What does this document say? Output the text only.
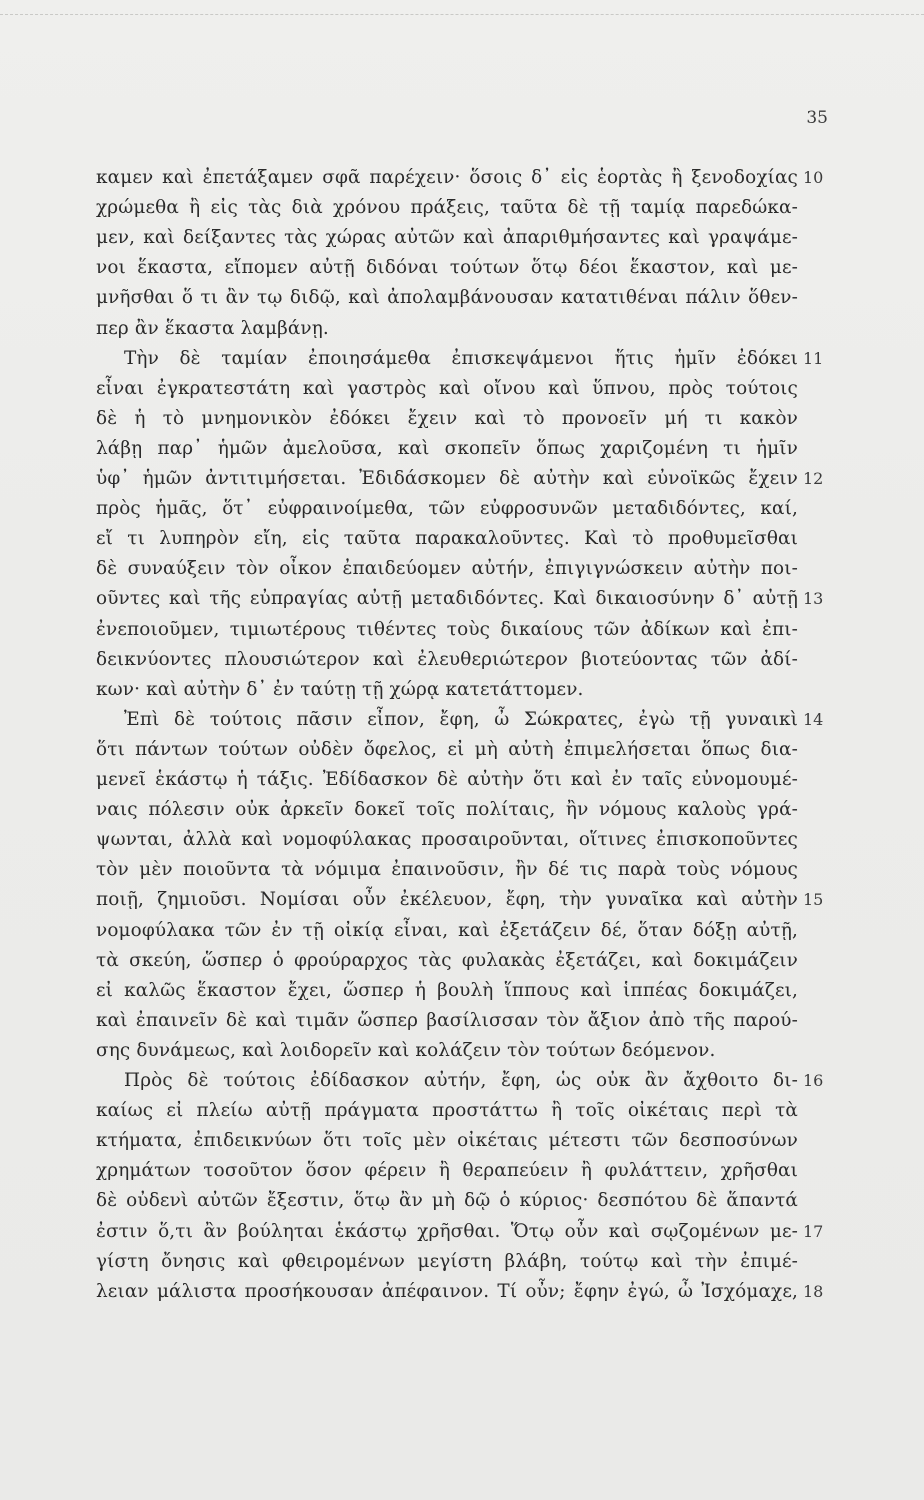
35
καμεν καὶ ἐπετάξαμεν σφᾶ παρέχειν· ὅσοις δ᾽ εἰς ἑορτὰς ἢ ξενοδοχίας
χρώμεθα ἢ εἰς τὰς διὰ χρόνου πράξεις, ταῦτα δὲ τῇ ταμίᾳ παρεδώκα-
μεν, καὶ δείξαντες τὰς χώρας αὐτῶν καὶ ἀπαριθμήσαντες καὶ γραψάμε-
νοι ἕκαστα, εἴπομεν αὐτῇ διδόναι τούτων ὅτῳ δέοι ἕκαστον, καὶ με-
μνῆσθαι ὅ τι ἂν τῳ διδῷ, καὶ ἀπολαμβάνουσαν κατατιθέναι πάλιν ὅθεν-
περ ἂν ἕκαστα λαμβάνῃ.
Τὴν δὲ ταμίαν ἐποιησάμεθα ἐπισκεψάμενοι ἥτις ἡμῖν ἐδόκει
εἶναι ἐγκρατεστάτη καὶ γαστρὸς καὶ οἴνου καὶ ὕπνου, πρὸς τούτοις
δὲ ἡ τὸ μνημονικὸν ἐδόκει ἔχειν καὶ τὸ προνοεῖν μή τι κακὸν
λάβῃ παρ᾽ ἡμῶν ἀμελοῦσα, καὶ σκοπεῖν ὅπως χαριζομένη τι ἡμῖν
ὑφ᾽ ἡμῶν ἀντιτιμήσεται. Ἐδιδάσκομεν δὲ αὐτὴν καὶ εὐνοϊκῶς ἔχειν
πρὸς ἡμᾶς, ὅτ᾽ εὐφραινοίμεθα, τῶν εὐφροσυνῶν μεταδιδόντες, καί,
εἴ τι λυπηρὸν εἴη, εἰς ταῦτα παρακαλοῦντες. Καὶ τὸ προθυμεῖσθαι
δὲ συναύξειν τὸν οἶκον ἐπαιδεύομεν αὐτήν, ἐπιγιγνώσκειν αὐτὴν ποι-
οῦντες καὶ τῆς εὐπραγίας αὐτῇ μεταδιδόντες. Καὶ δικαιοσύνην δ᾽ αὐτῇ
ἐνεποιοῦμεν, τιμιωτέρους τιθέντες τοὺς δικαίους τῶν ἀδίκων καὶ ἐπι-
δεικνύοντες πλουσιώτερον καὶ ἐλευθεριώτερον βιοτεύοντας τῶν ἀδί-
κων· καὶ αὐτὴν δ᾽ ἐν ταύτῃ τῇ χώρᾳ κατετάττομεν.
Ἐπὶ δὲ τούτοις πᾶσιν εἶπον, ἔφη, ὦ Σώκρατες, ἐγὼ τῇ γυναικὶ
ὅτι πάντων τούτων οὐδὲν ὄφελος, εἰ μὴ αὐτὴ ἐπιμελήσεται ὅπως δια-
μενεῖ ἑκάστῳ ἡ τάξις. Ἐδίδασκον δὲ αὐτὴν ὅτι καὶ ἐν ταῖς εὐνομουμέ-
ναις πόλεσιν οὐκ ἀρκεῖν δοκεῖ τοῖς πολίταις, ἢν νόμους καλοὺς γρά-
ψωνται, ἀλλὰ καὶ νομοφύλακας προσαιροῦνται, οἵτινες ἐπισκοποῦντες
τὸν μὲν ποιοῦντα τὰ νόμιμα ἐπαινοῦσιν, ἢν δέ τις παρὰ τοὺς νόμους
ποιῇ, ζημιοῦσι. Νομίσαι οὖν ἐκέλευον, ἔφη, τὴν γυναῖκα καὶ αὐτὴν
νομοφύλακα τῶν ἐν τῇ οἰκίᾳ εἶναι, καὶ ἐξετάζειν δέ, ὅταν δόξῃ αὐτῇ,
τὰ σκεύη, ὥσπερ ὁ φρούραρχος τὰς φυλακὰς ἐξετάζει, καὶ δοκιμάζειν
εἰ καλῶς ἕκαστον ἔχει, ὥσπερ ἡ βουλὴ ἵππους καὶ ἱππέας δοκιμάζει,
καὶ ἐπαινεῖν δὲ καὶ τιμᾶν ὥσπερ βασίλισσαν τὸν ἄξιον ἀπὸ τῆς παρού-
σης δυνάμεως, καὶ λοιδορεῖν καὶ κολάζειν τὸν τούτων δεόμενον.
Πρὸς δὲ τούτοις ἐδίδασκον αὐτήν, ἔφη, ὡς οὐκ ἂν ἄχθοιτο δι-
καίως εἰ πλείω αὐτῇ πράγματα προστάττω ἢ τοῖς οἰκέταις περὶ τὰ
κτήματα, ἐπιδεικνύων ὅτι τοῖς μὲν οἰκέταις μέτεστι τῶν δεσποσύνων
χρημάτων τοσοῦτον ὅσον φέρειν ἢ θεραπεύειν ἢ φυλάττειν, χρῆσθαι
δὲ οὐδενὶ αὐτῶν ἔξεστιν, ὅτῳ ἂν μὴ δῷ ὁ κύριος· δεσπότου δὲ ἅπαντά
ἐστιν ὅ,τι ἂν βούληται ἑκάστῳ χρῆσθαι. Ὅτῳ οὖν καὶ σῳζομένων με-
γίστη ὄνησις καὶ φθειρομένων μεγίστη βλάβη, τούτῳ καὶ τὴν ἐπιμέ-
λειαν μάλιστα προσήκουσαν ἀπέφαινον. Τί οὖν; ἔφην ἐγώ, ὦ Ἰσχόμαχε,
10
11
12
13
14
15
16
17
18
